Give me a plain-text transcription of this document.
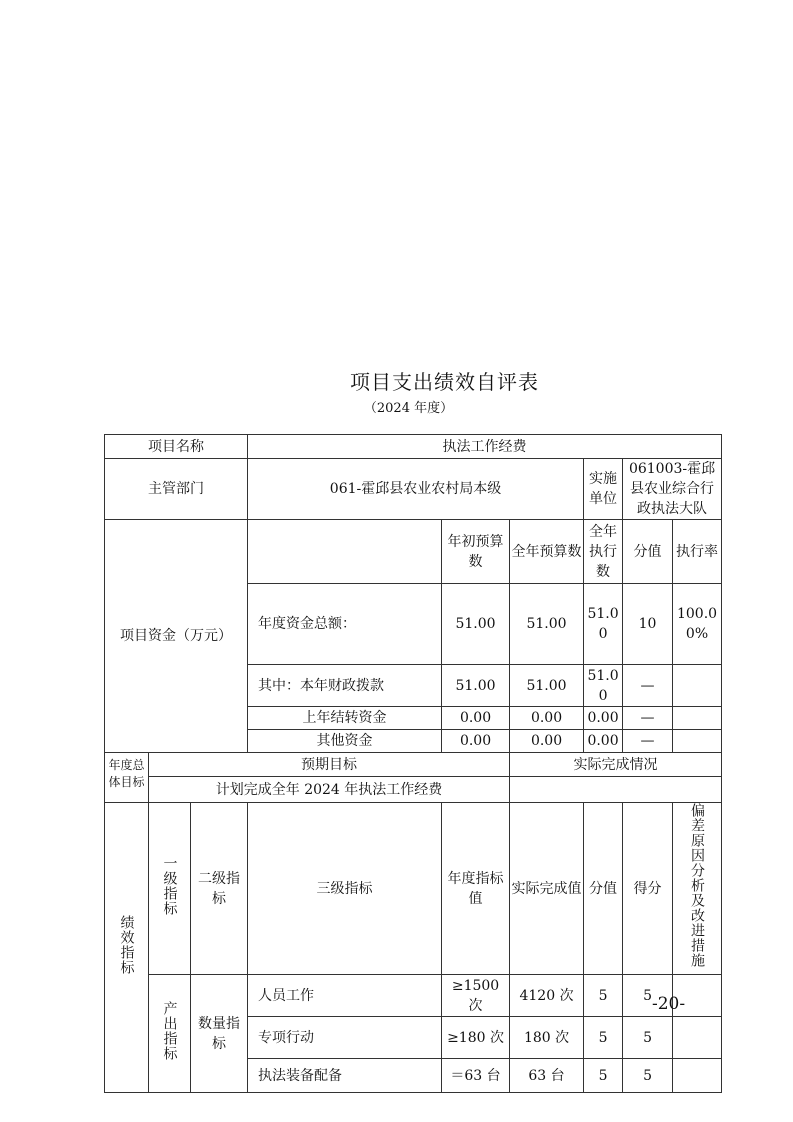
项目支出绩效自评表
（2024 年度）
项目名称			执法工作经费						
主管部门			061-霍邱县农业农村局本级			实施单位	061003-霍邱县农业综合行政执法大队		
项目资金（万元）				年初预算数	全年预算数	全年执行数	分值	执行率	
			年度资金总额：	51.00	51.00	51.00	10	100.00%	
			其中：本年财政拨款	51.00	51.00	51.00	—		
			上年结转资金	0.00	0.00	0.00	—		
			其他资金	0.00	0.00	0.00	—		
年度总体目标	预期目标				实际完成情况				
	计划完成全年 2024 年执法工作经费								
绩效指标	一级指标	二级指标	三级指标	年度指标值	实际完成值	分值	得分	偏差原因分析及改进措施	
	产出指标	数量指标	人员工作	≥1500 次	4120 次	5	5		
			专项行动	≥180 次	180 次	5	5		
			执法装备配备	＝63 台	63 台	5	5		
-20-
